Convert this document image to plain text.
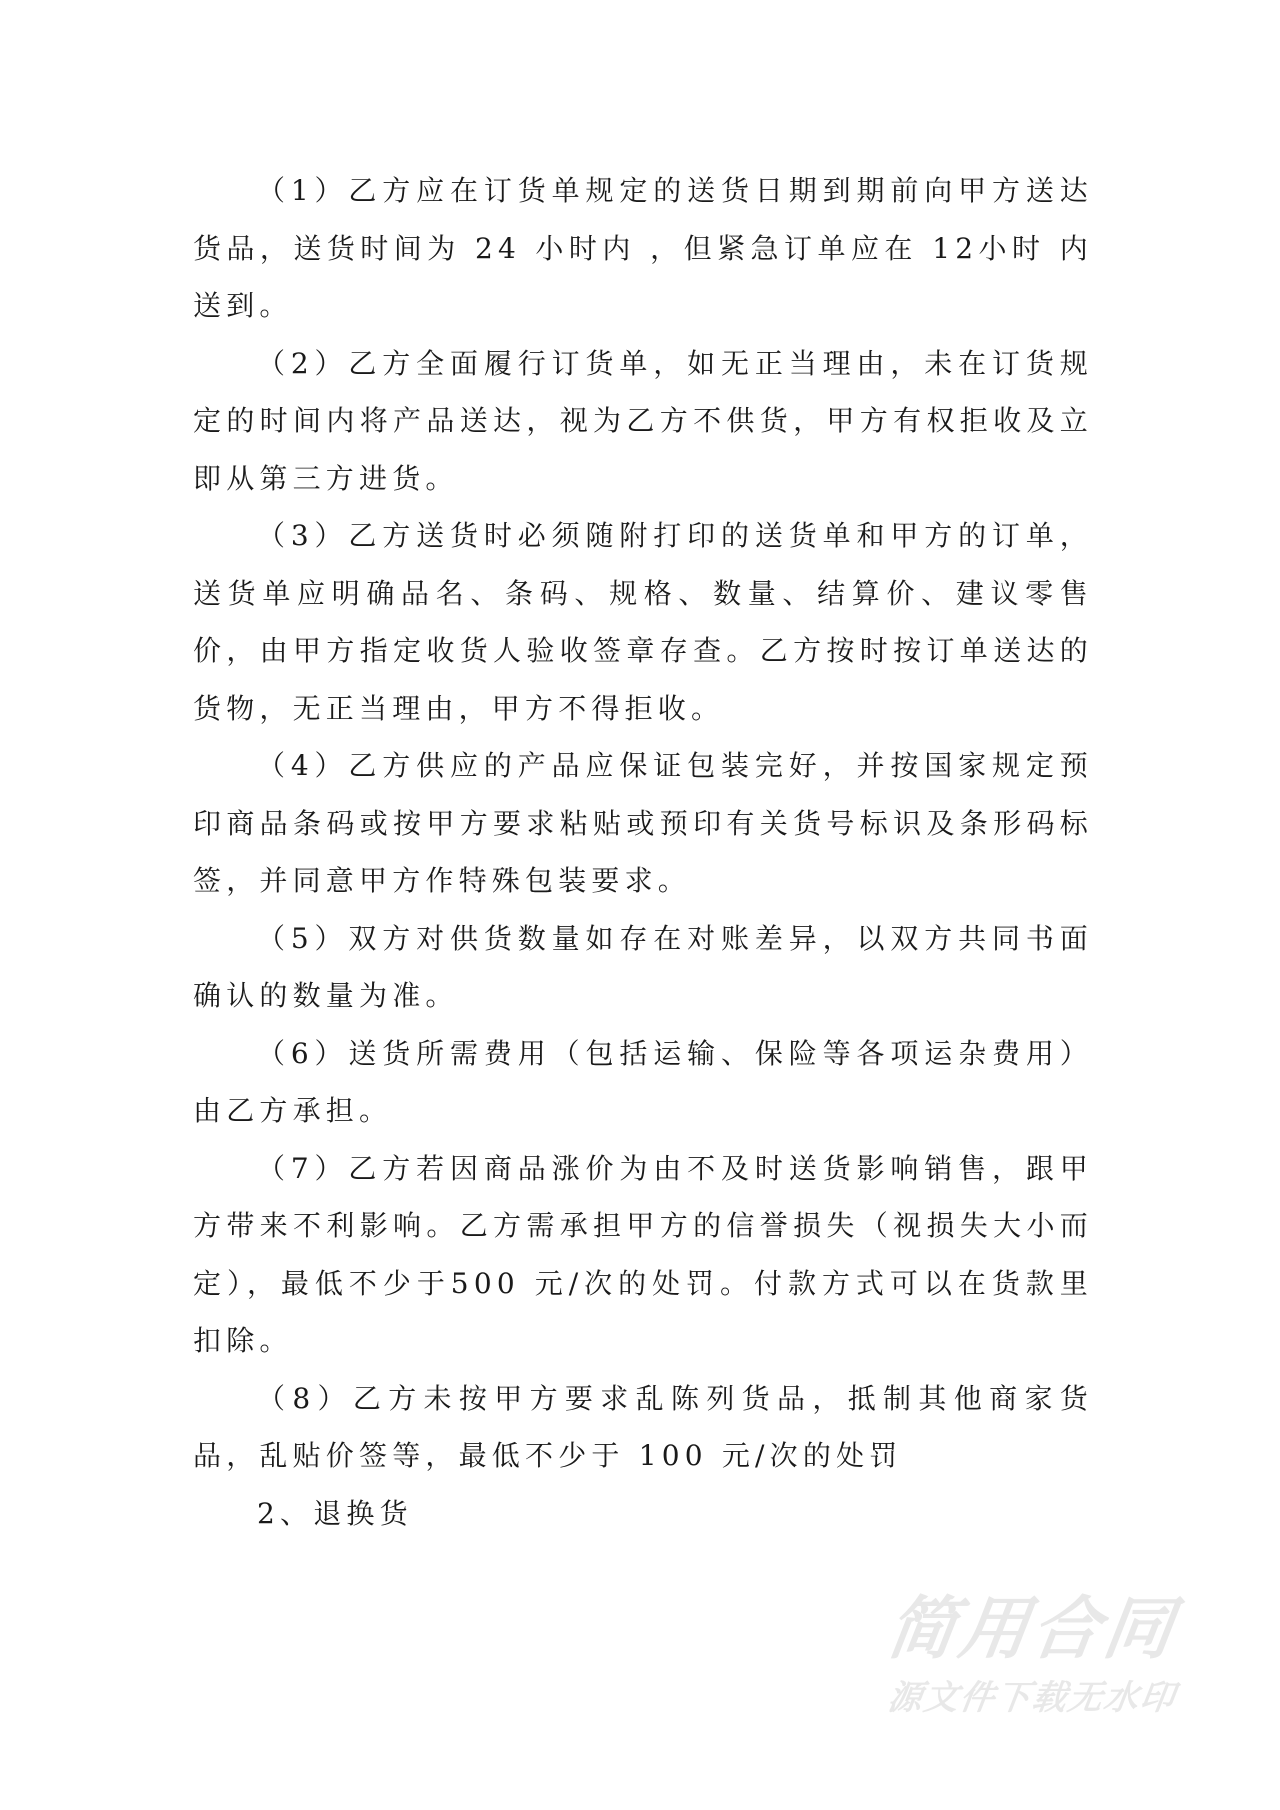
（1）乙方应在订货单规定的送货日期到期前向甲方送达货品，送货时间为 24 小时内 ，但紧急订单应在 12小时 内送到。

（2）乙方全面履行订货单，如无正当理由，未在订货规定的时间内将产品送达，视为乙方不供货，甲方有权拒收及立即从第三方进货。

（3）乙方送货时必须随附打印的送货单和甲方的订单，送货单应明确品名、条码、规格、数量、结算价、建议零售价，由甲方指定收货人验收签章存查。乙方按时按订单送达的货物，无正当理由，甲方不得拒收。

（4）乙方供应的产品应保证包装完好，并按国家规定预印商品条码或按甲方要求粘贴或预印有关货号标识及条形码标签，并同意甲方作特殊包装要求。

（5）双方对供货数量如存在对账差异，以双方共同书面确认的数量为准。

（6）送货所需费用（包括运输、保险等各项运杂费用）由乙方承担。

（7）乙方若因商品涨价为由不及时送货影响销售，跟甲方带来不利影响。乙方需承担甲方的信誉损失（视损失大小而定），最低不少于500 元/次的处罚。付款方式可以在货款里扣除。

（8）乙方未按甲方要求乱陈列货品，抵制其他商家货品，乱贴价签等，最低不少于 100 元/次的处罚

2、退换货

简用合同
源文件下载无水印
